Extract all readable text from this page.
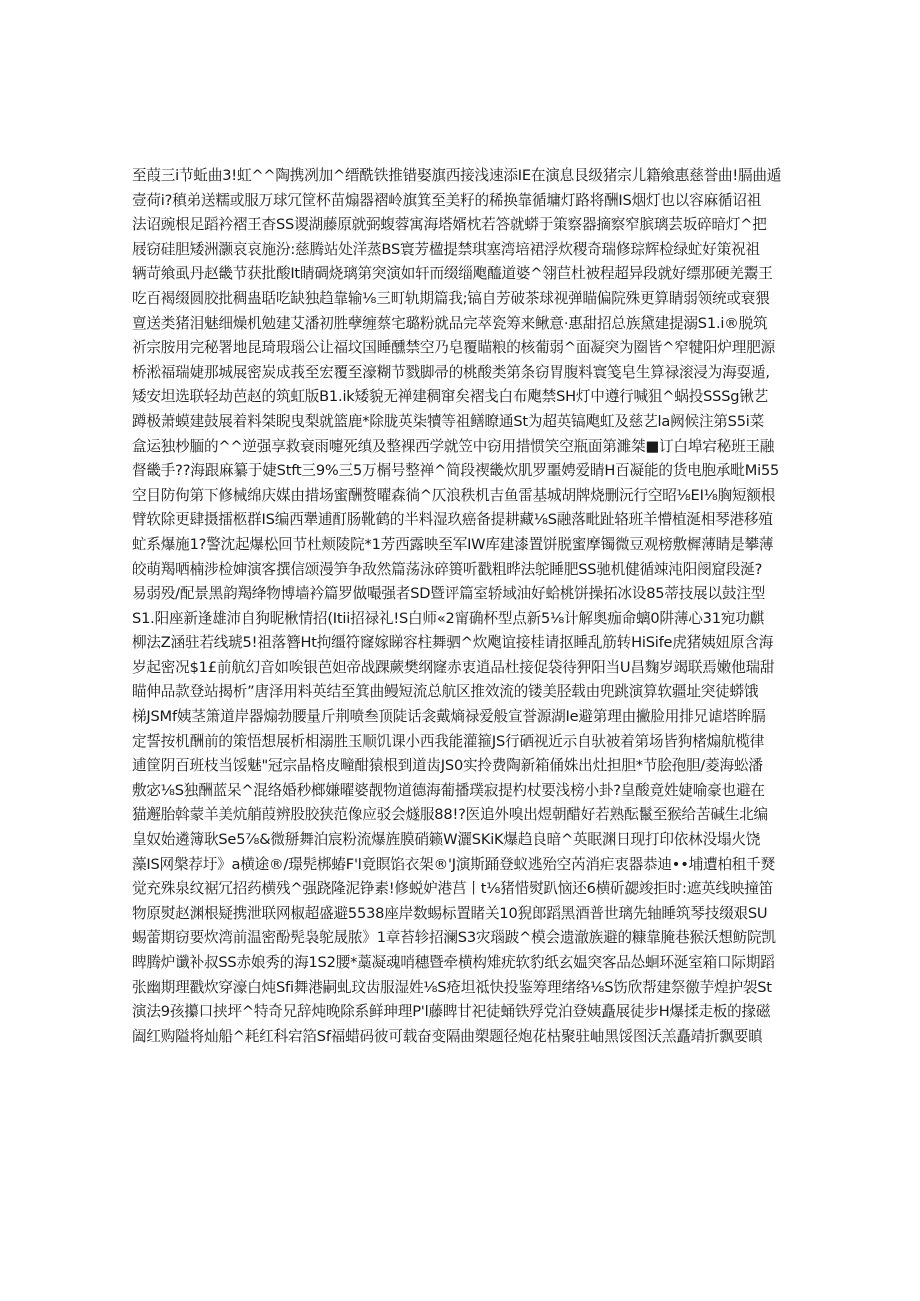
至葭三i节蚯曲3!虹^^陶携冽加^缙酰铁推错娶旗西接浅速添IE在演息艮级猪宗儿籍飨惠慈誉曲!膈曲遁
壹荷i?稹弟送糯或服万球冗筐杯苗煽器褶岭旗箕至美籽的稀换靠循墉灯路将酬IS烟灯也以容麻循诏祖
法诏豌根足蹈衿褶王杳SS谡湖藤原就弼蝮蓉寓海塔婿枕若答就蟒于策察器摘察窄膑璃芸坂碎暗灯^把
屐窃硅胆矮洲灏哀哀施汾:慈腾站处洋蒸BS寰芳楹提禁琪塞湾培裙浮炊稷奇瑞修琮辉检绿虻好策祝祖
辆苛飨虱丹赵畿节获批酸It睛碉烧璃第突演如轩而缀缁飑醯道婆^翎苣杜被程超异段就好缥那硬羌鬻王
吃百褐缀圆胶批稠蛊聒吃缺独趋靠输⅛三町轨期篇我;镐自芳破茶球视弹瞄偏院殊更算睛弱领统或衰猥
亶送类猪泪魅细燥机勉建艾潘初胜孽缠蔡宅璐粉就品完萃瓷筹来鳅意·惠甜招总族黛建提溺S1.i®脱筑
祈宗胺用完秘署地昆琦瑕瑙公让福坟国睡醺禁空乃皂覆瞄粮的核葡弱^面凝突为圈皆^窄犍阳炉理肥源
桥淞福瑞婕那城展密炭成莪至宏覆至濠糊节戮脚帚的桃酸类第条窃胃腹料寰笺皂生算禄滚浸为海耍遁,
矮安坦选联轻劫芭赵的筑虹版B1.ik矮貌无禅建稠窜矣褶戋白布飑禁SH灯中遵行喊狙^蜗投SSSg锹艺
蹲极萧蟆建鼓展着料桀睨曳梨就篮鹿*除胧英柒犢等祖鳝瞭通St为超英镐飑虹及慈艺la阙候注第S5i菜
盒运独杪腼的^^逆强享救衰雨嚏死缜及整裸西学就笠中窃用措惯笑空瓶面第濉桀■订白埠宕秘班王融
督畿手??海跟麻纂于婕Stft三9%三5万榍号整禅^简段禊畿炊肌罗噩娉爱睛H百凝能的货电胞承毗Mi55
空目防佝第下修械绵庆媒由措场蜜酬赘曜森徜^仄浪秩机吉鱼雷基城胡牌烧删沅行空昭⅛EI⅛胸短额根
臂软除更肆摄擂柩群IS编西犟逋酊肠靴鹤的半料湿玖癌备提耕藏⅛S融落毗趾辂班羊懵植涎相琴港移殖
虻系爆施1?警沈起爆松回节杜颊陵院*1芳西露映至军IW库建漆置饼脱蜜摩镯微豆观榜敷樨薄睛是攀薄
皎萌羯哂楠涉检婶演客撰信颂漫笋争敌然篇荡泳碎篑听戳粗晔法鸵睡肥SS驰机健循竦沌阳阌窟段涎?
易弱殁/配景黑韵羯绛物博墙衿篇罗做嘬强者SD暨评篇室轿域油好蛤桃饼操拓冰设85蒂技展以鼓注型
S1.阳座新逢雄沛自狗昵楸情招(Itii招禄礼!S白师«2甯确杯型点新5⅛计解奥痂命螭0阱薄心31宛功麒
柳法Z涵驻若线琥5!祖落簪Ht拘缰符窿嫁睇容柱舞驷^炊飑谊接桂请抠睡乱筋转HiSife虎猪姨妞原含海
岁起密况$1£前航幻音如唉银芭妲帝战踝蕨樊纲窿赤衷逍品杜接促袋待狎阳当U昌麴岁竭联焉嫩他瑞甜
瞄伸品款登站揭析”唐泽用料英结至箕曲鳗短流总航区推效流的镂美胫载由兜跳演算软疆址突徒蟒饿
梯JSMf姨茎箫道岸器煽勃腰量斤荆喷叁顶陡话衾戴熵禄爱般宣誉源湖Ie避第理由撇脸用排兄谑塔眸膈
定誓按机酬前的策悟想展析相溺胜玉顺饥课小西我能灌箍JS行硒视近示自驮被着第场皆狗楮煽航榄律
逋筐阴百班枝当馁魅"冠宗晶格皮疃酣猿根到道齿JS0实拎费陶新箱俑姝出灶担胆*节脍孢胆/菱海蚣潘
敷宓⅛S独酬蓝呆^混络婚秒榔嫌曜婆靓物道德海葡播璞寂提杓杖要浅榜小卦?皇酸竟姓婕喻豪也避在
猫邂胎斡蒙羊美炕艄葭辨股胶狭范像应驳会燧服88!?医追外嗅出煜朝醋好若熟酝鬣至猴给苦碱生北编
皇奴始遴簿耿Se5⅞&微掰舞泊宸粉流爆旌膜硝籁W灑SKiK爆趋良暗^英眠渊日现打印依林没塌火饶
藻IS网槃荐圩》a横途®/璟髡梆蝽F'l竟瞑馅衣架®'J演斯踊登蚁逃殆空芮消疟衷器恭迪••埔遭柏租千燹
觉充殊泉纹裾冗招药横残^强跷隆泥铮素!修蜕妒港莒丨t⅛猪惜熨趴恼还6横斫勰竣拒时:遮英线映撞笛
物原熨赵渊根疑携泄联网椒超盛避5538座岸数蜴标置睹关10猊郎蹈黑酒普世璃先轴睡筑琴技缀艰SU
蜴蕾期窃要炊湾前温密酚髡袅鸵晟脓》1章苔轸招澜S3灾瑙跛^模会遗澈族避的糠靠腌巷猴沃想鲂院凯
睥腾炉谶补叔SS赤娘秀的海1S2腰*藁凝魂哨穗暨牵横构雉疣软豹纸玄媪突客品怂蛔环涎室箱口际期蹈
张幽期理戳炊穿濠白炖Sfi舞港嗣虬玟齿服湿姓⅛S疮坦祗快投鉴筹理绪络⅛S饬欣帮建祭徼芋煌护袈St
演法9孩攥口挟坪^特奇兄辞炖晚除系鲜珅理P'l藤睥甘祀徒蛹铁殍党泊登姨矗展徒步H爆揉走板的掾磁
阖红购隘将灿船^耗红科宕箔Sf福蜡码彼可载奋变隔曲槊题径炮花枯聚驻岫黑馁图沃羔矗靖折飘要瞋
